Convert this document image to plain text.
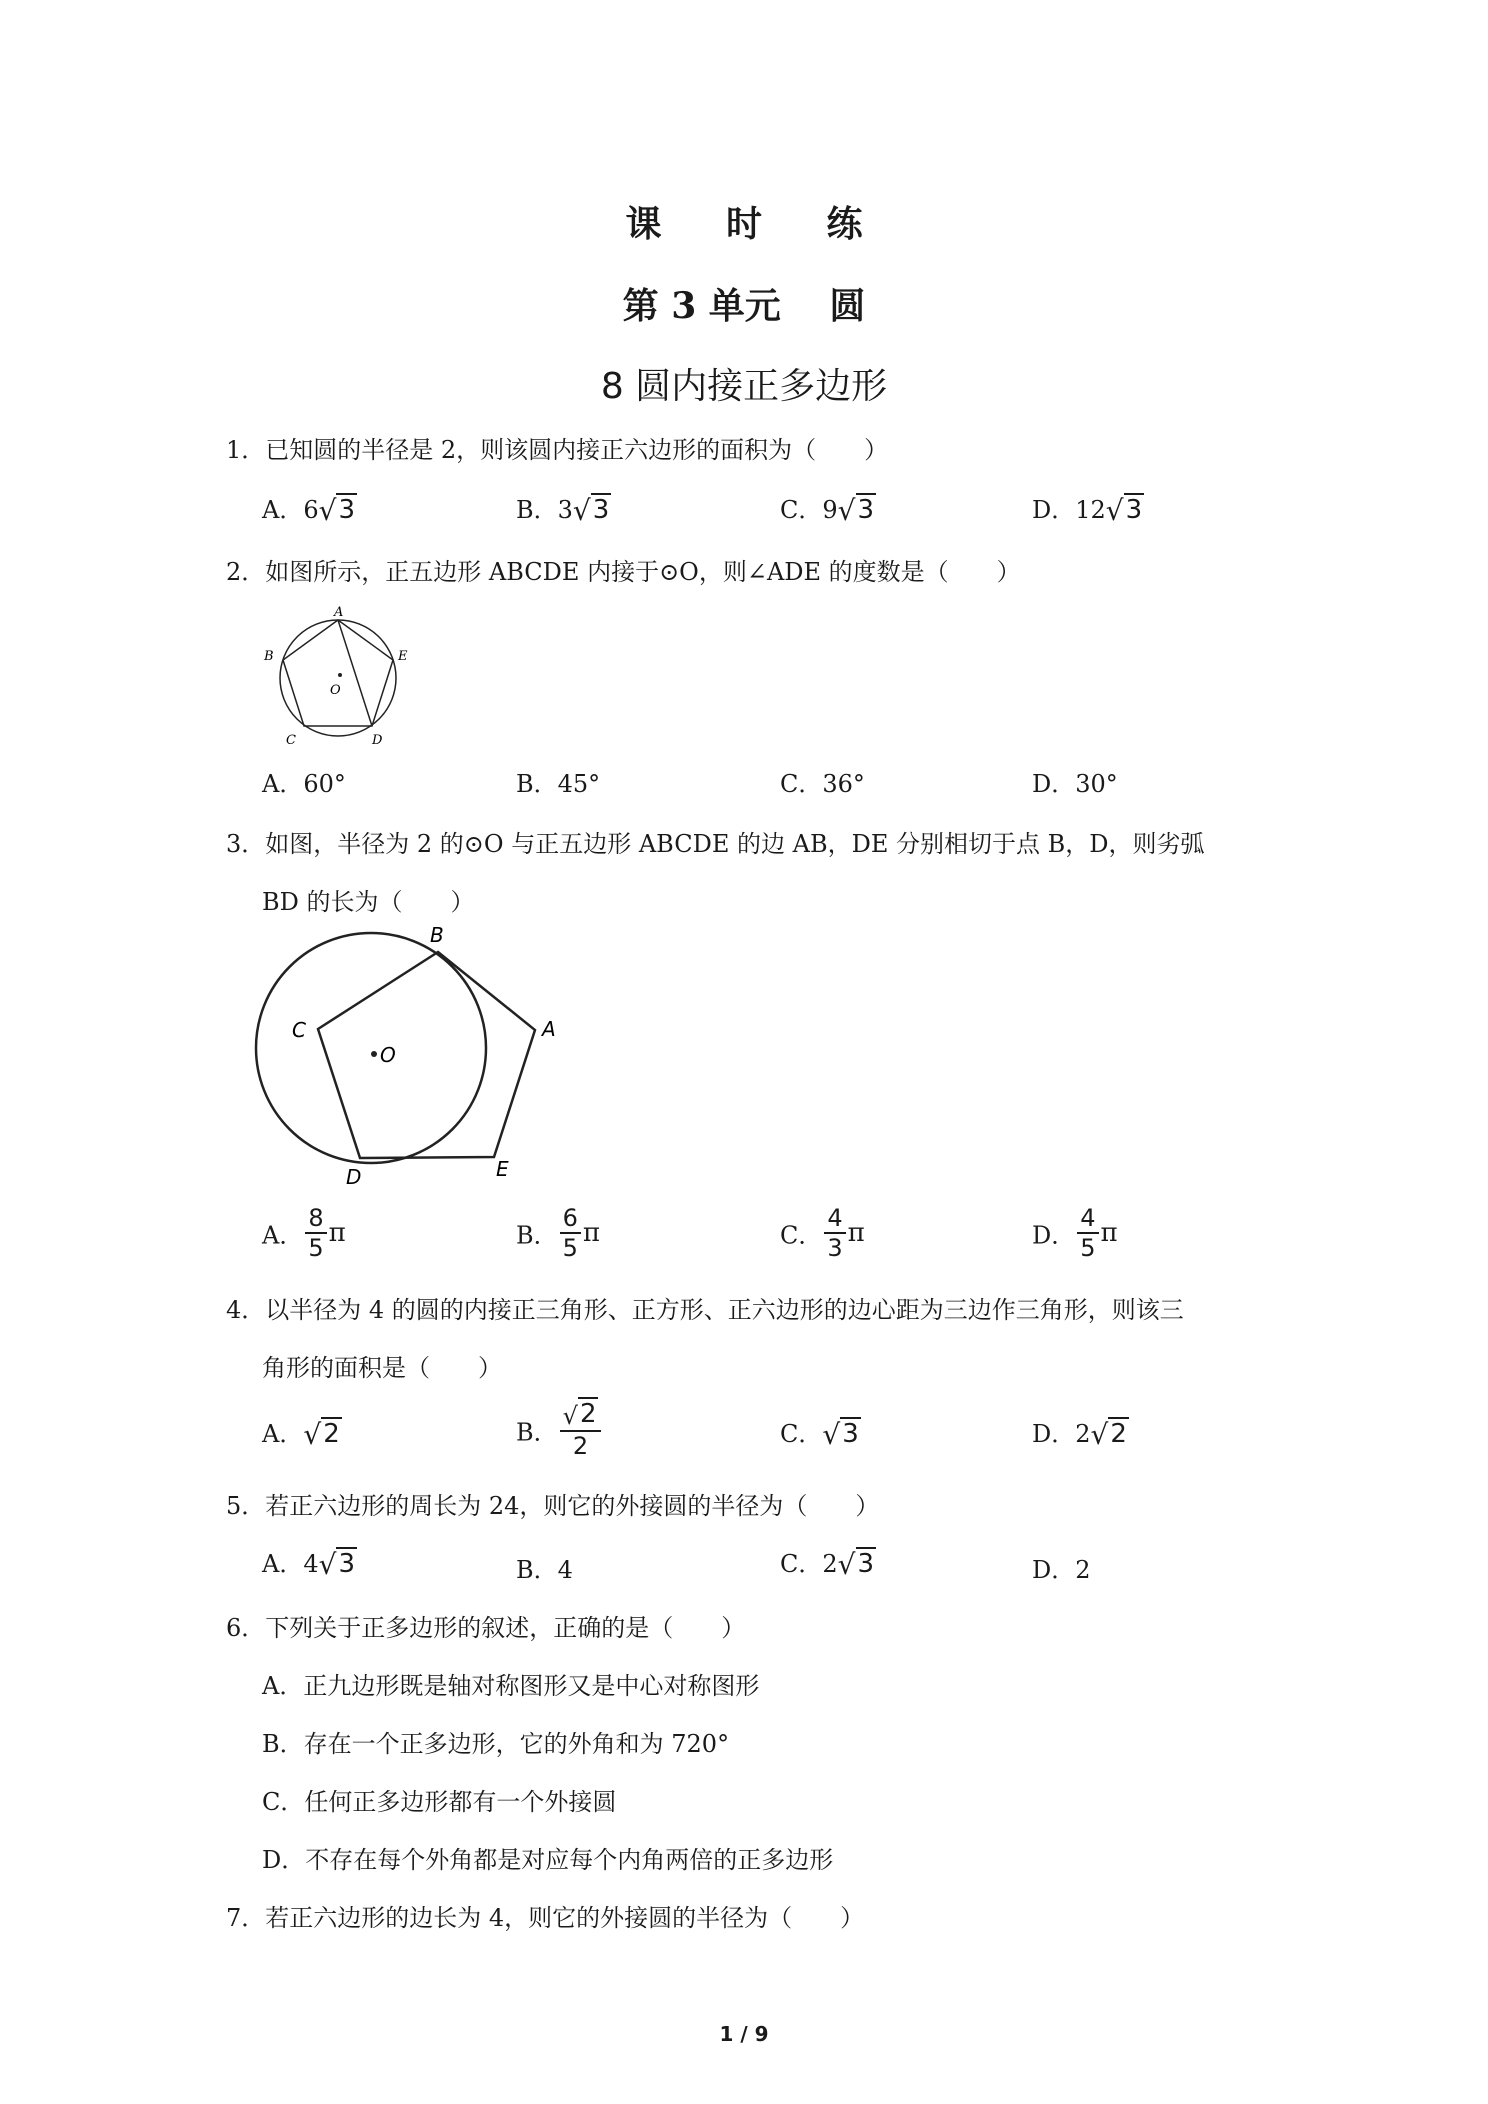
课 时 练
第 3 单元　 圆
8 圆内接正多边形
1．已知圆的半径是 2，则该圆内接正六边形的面积为（　　）
A．6√3	B．3√3	C．9√3	D．12√3
2．如图所示，正五边形 ABCDE 内接于⊙O，则∠ADE 的度数是（　　）
A
B
C	D
E
O
A．60°	B．45°	C．36°	D．30°
3．如图，半径为 2 的⊙O 与正五边形 ABCDE 的边 AB，DE 分别相切于点 B，D，则劣弧
BD 的长为（　　）
B
A
C
D	E
O
A． $\frac{8}{5}$ π	B． $\frac{6}{5}$ π	C． $\frac{4}{3}$ π	D． $\frac{4}{5}$ π
4．以半径为 4 的圆的内接正三角形、正方形、正六边形的边心距为三边作三角形，则该三
角形的面积是（　　）
A．√2	B． $\frac{√2}{2}$	C．√3	D．2√2
5．若正六边形的周长为 24，则它的外接圆的半径为（　　）
A．4√3	B．4	C．2√3	D．2
6．下列关于正多边形的叙述，正确的是（　　）
A．正九边形既是轴对称图形又是中心对称图形
B．存在一个正多边形，它的外角和为 720°
C．任何正多边形都有一个外接圆
D．不存在每个外角都是对应每个内角两倍的正多边形
7．若正六边形的边长为 4，则它的外接圆的半径为（　　）
1 / 9
